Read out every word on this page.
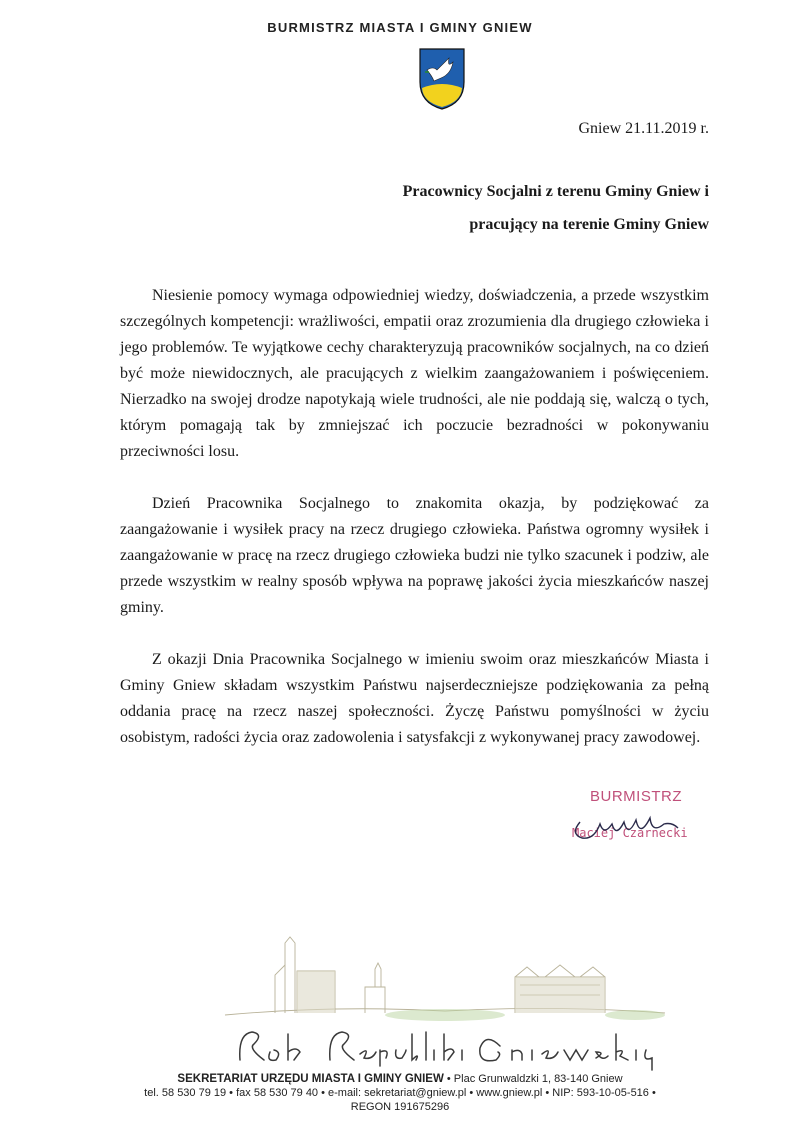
BURMISTRZ MIASTA I GMINY GNIEW
Gniew 21.11.2019 r.
Pracownicy Socjalni z terenu Gminy Gniew i
pracujący na terenie Gminy Gniew

Niesienie pomocy wymaga odpowiedniej wiedzy, doświadczenia, a przede wszystkim szczególnych kompetencji: wrażliwości, empatii oraz zrozumienia dla drugiego człowieka i jego problemów. Te wyjątkowe cechy charakteryzują pracowników socjalnych, na co dzień być może niewidocznych, ale pracujących z wielkim zaangażowaniem i poświęceniem. Nierzadko na swojej drodze napotykają wiele trudności, ale nie poddają się, walczą o tych, którym pomagają tak by zmniejszać ich poczucie bezradności w pokonywaniu przeciwności losu.

Dzień Pracownika Socjalnego to znakomita okazja, by podziękować za zaangażowanie i wysiłek pracy na rzecz drugiego człowieka. Państwa ogromny wysiłek i zaangażowanie w pracę na rzecz drugiego człowieka budzi nie tylko szacunek i podziw, ale przede wszystkim w realny sposób wpływa na poprawę jakości życia mieszkańców naszej gminy.

Z okazji Dnia Pracownika Socjalnego w imieniu swoim oraz mieszkańców Miasta i Gminy Gniew składam wszystkim Państwu najserdeczniejsze podziękowania za pełną oddania pracę na rzecz naszej społeczności. Życzę Państwu pomyślności w życiu osobistym, radości życia oraz zadowolenia i satysfakcji z wykonywanej pracy zawodowej.

BURMISTRZ
Maciej Czarnecki
SEKRETARIAT URZĘDU MIASTA I GMINY GNIEW • Plac Grunwaldzki 1, 83-140 Gniew
tel. 58 530 79 19 • fax 58 530 79 40 • e-mail: sekretariat@gniew.pl • www.gniew.pl • NIP: 593-10-05-516 •
REGON 191675296
